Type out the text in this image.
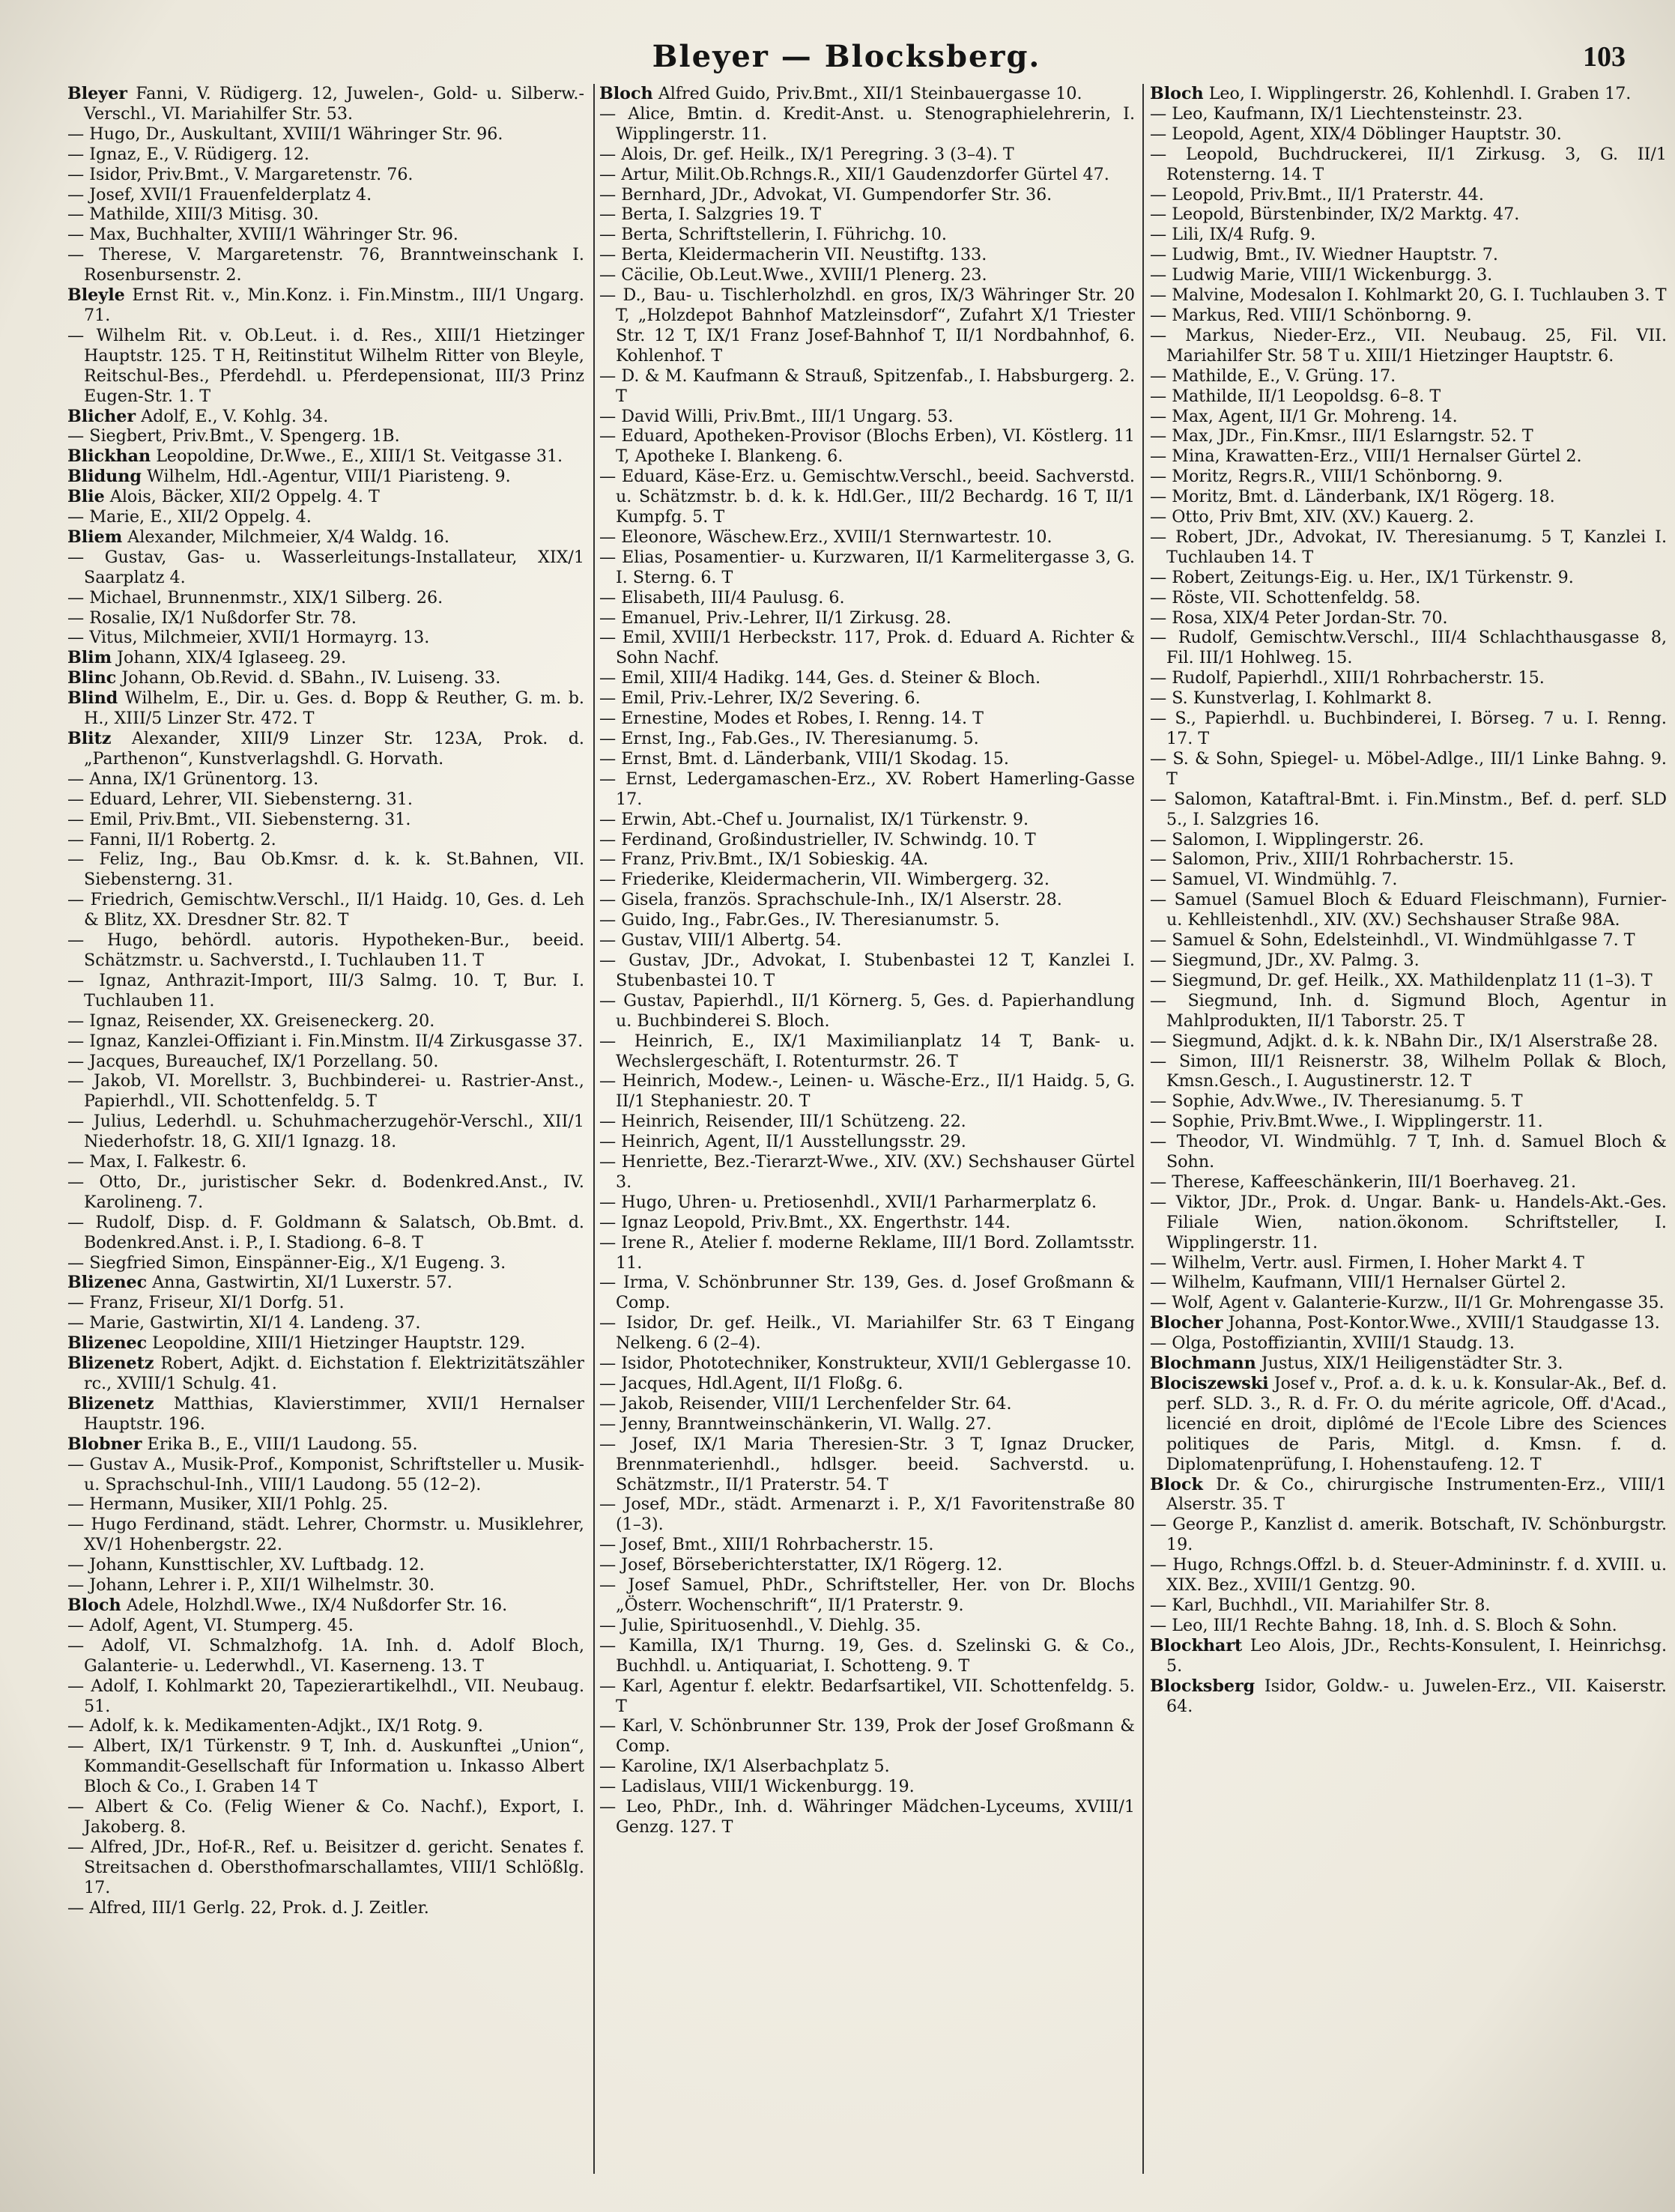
Bleyer — Blocksberg.	103

Bleyer Fanni, V. Rüdigerg. 12, Juwelen-, Gold- u. Silberw.-Verschl., VI. Mariahilfer Str. 53.

— Hugo, Dr., Auskultant, XVIII/1 Währinger Str. 96.

— Ignaz, E., V. Rüdigerg. 12.

— Isidor, Priv.Bmt., V. Margaretenstr. 76.

— Josef, XVII/1 Frauenfelderplatz 4.

— Mathilde, XIII/3 Mitisg. 30.

— Max, Buchhalter, XVIII/1 Währinger Str. 96.

— Therese, V. Margaretenstr. 76, Branntweinschank I. Rosenbursenstr. 2.

Bleyle Ernst Rit. v., Min.Konz. i. Fin.Minstm., III/1 Ungarg. 71.

— Wilhelm Rit. v. Ob.Leut. i. d. Res., XIII/1 Hietzinger Hauptstr. 125. T H, Reitinstitut Wilhelm Ritter von Bleyle, Reitschul-Bes., Pferdehdl. u. Pferdepensionat, III/3 Prinz Eugen-Str. 1. T

Blicher Adolf, E., V. Kohlg. 34.

— Siegbert, Priv.Bmt., V. Spengerg. 1B.

Blickhan Leopoldine, Dr.Wwe., E., XIII/1 St. Veitgasse 31.

Blidung Wilhelm, Hdl.-Agentur, VIII/1 Piaristeng. 9.

Blie Alois, Bäcker, XII/2 Oppelg. 4. T

— Marie, E., XII/2 Oppelg. 4.

Bliem Alexander, Milchmeier, X/4 Waldg. 16.

— Gustav, Gas- u. Wasserleitungs-Installateur, XIX/1 Saarplatz 4.

— Michael, Brunnenmstr., XIX/1 Silberg. 26.

— Rosalie, IX/1 Nußdorfer Str. 78.

— Vitus, Milchmeier, XVII/1 Hormayrg. 13.

Blim Johann, XIX/4 Iglaseeg. 29.

Blinc Johann, Ob.Revid. d. SBahn., IV. Luiseng. 33.

Blind Wilhelm, E., Dir. u. Ges. d. Bopp & Reuther, G. m. b. H., XIII/5 Linzer Str. 472. T

Blitz Alexander, XIII/9 Linzer Str. 123A, Prok. d. „Parthenon“, Kunstverlagshdl. G. Horvath.

— Anna, IX/1 Grünentorg. 13.

— Eduard, Lehrer, VII. Siebensterng. 31.

— Emil, Priv.Bmt., VII. Siebensterng. 31.

— Fanni, II/1 Robertg. 2.

— Feliz, Ing., Bau Ob.Kmsr. d. k. k. St.Bahnen, VII. Siebensterng. 31.

— Friedrich, Gemischtw.Verschl., II/1 Haidg. 10, Ges. d. Leh & Blitz, XX. Dresdner Str. 82. T

— Hugo, behördl. autoris. Hypotheken-Bur., beeid. Schätzmstr. u. Sachverstd., I. Tuchlauben 11. T

— Ignaz, Anthrazit-Import, III/3 Salmg. 10. T, Bur. I. Tuchlauben 11.

— Ignaz, Reisender, XX. Greiseneckerg. 20.

— Ignaz, Kanzlei-Offiziant i. Fin.Minstm. II/4 Zirkusgasse 37.

— Jacques, Bureauchef, IX/1 Porzellang. 50.

— Jakob, VI. Morellstr. 3, Buchbinderei- u. Rastrier-Anst., Papierhdl., VII. Schottenfeldg. 5. T

— Julius, Lederhdl. u. Schuhmacherzugehör-Verschl., XII/1 Niederhofstr. 18, G. XII/1 Ignazg. 18.

— Max, I. Falkestr. 6.

— Otto, Dr., juristischer Sekr. d. Bodenkred.Anst., IV. Karolineng. 7.

— Rudolf, Disp. d. F. Goldmann & Salatsch, Ob.Bmt. d. Bodenkred.Anst. i. P., I. Stadiong. 6–8. T

— Siegfried Simon, Einspänner-Eig., X/1 Eugeng. 3.

Blizenec Anna, Gastwirtin, XI/1 Luxerstr. 57.

— Franz, Friseur, XI/1 Dorfg. 51.

— Marie, Gastwirtin, XI/1 4. Landeng. 37.

Blizenec Leopoldine, XIII/1 Hietzinger Hauptstr. 129.

Blizenetz Robert, Adjkt. d. Eichstation f. Elektrizitätszähler rc., XVIII/1 Schulg. 41.

Blizenetz Matthias, Klavierstimmer, XVII/1 Hernalser Hauptstr. 196.

Blobner Erika B., E., VIII/1 Laudong. 55.

— Gustav A., Musik-Prof., Komponist, Schriftsteller u. Musik- u. Sprachschul-Inh., VIII/1 Laudong. 55 (12–2).

— Hermann, Musiker, XII/1 Pohlg. 25.

— Hugo Ferdinand, städt. Lehrer, Chormstr. u. Musiklehrer, XV/1 Hohenbergstr. 22.

— Johann, Kunsttischler, XV. Luftbadg. 12.

— Johann, Lehrer i. P., XII/1 Wilhelmstr. 30.

Bloch Adele, Holzhdl.Wwe., IX/4 Nußdorfer Str. 16.

— Adolf, Agent, VI. Stumperg. 45.

— Adolf, VI. Schmalzhofg. 1A. Inh. d. Adolf Bloch, Galanterie- u. Lederwhdl., VI. Kaserneng. 13. T

— Adolf, I. Kohlmarkt 20, Tapezierartikelhdl., VII. Neubaug. 51.

— Adolf, k. k. Medikamenten-Adjkt., IX/1 Rotg. 9.

— Albert, IX/1 Türkenstr. 9 T, Inh. d. Auskunftei „Union“, Kommandit-Gesellschaft für Information u. Inkasso Albert Bloch & Co., I. Graben 14 T

— Albert & Co. (Felig Wiener & Co. Nachf.), Export, I. Jakoberg. 8.

— Alfred, JDr., Hof-R., Ref. u. Beisitzer d. gericht. Senates f. Streitsachen d. Obersthofmarschallamtes, VIII/1 Schlößlg. 17.

— Alfred, III/1 Gerlg. 22, Prok. d. J. Zeitler.

Bloch Alfred Guido, Priv.Bmt., XII/1 Steinbauergasse 10.

— Alice, Bmtin. d. Kredit-Anst. u. Stenographielehrerin, I. Wipplingerstr. 11.

— Alois, Dr. gef. Heilk., IX/1 Peregring. 3 (3–4). T

— Artur, Milit.Ob.Rchngs.R., XII/1 Gaudenzdorfer Gürtel 47.

— Bernhard, JDr., Advokat, VI. Gumpendorfer Str. 36.

— Berta, I. Salzgries 19. T

— Berta, Schriftstellerin, I. Führichg. 10.

— Berta, Kleidermacherin VII. Neustiftg. 133.

— Cäcilie, Ob.Leut.Wwe., XVIII/1 Plenerg. 23.

— D., Bau- u. Tischlerholzhdl. en gros, IX/3 Währinger Str. 20 T, „Holzdepot Bahnhof Matzleinsdorf“, Zufahrt X/1 Triester Str. 12 T, IX/1 Franz Josef-Bahnhof T, II/1 Nordbahnhof, 6. Kohlenhof. T

— D. & M. Kaufmann & Strauß, Spitzenfab., I. Habsburgerg. 2. T

— David Willi, Priv.Bmt., III/1 Ungarg. 53.

— Eduard, Apotheken-Provisor (Blochs Erben), VI. Köstlerg. 11 T, Apotheke I. Blankeng. 6.

— Eduard, Käse-Erz. u. Gemischtw.Verschl., beeid. Sachverstd. u. Schätzmstr. b. d. k. k. Hdl.Ger., III/2 Bechardg. 16 T, II/1 Kumpfg. 5. T

— Eleonore, Wäschew.Erz., XVIII/1 Sternwartestr. 10.

— Elias, Posamentier- u. Kurzwaren, II/1 Karmelitergasse 3, G. I. Sterng. 6. T

— Elisabeth, III/4 Paulusg. 6.

— Emanuel, Priv.-Lehrer, II/1 Zirkusg. 28.

— Emil, XVIII/1 Herbeckstr. 117, Prok. d. Eduard A. Richter & Sohn Nachf.

— Emil, XIII/4 Hadikg. 144, Ges. d. Steiner & Bloch.

— Emil, Priv.-Lehrer, IX/2 Severing. 6.

— Ernestine, Modes et Robes, I. Renng. 14. T

— Ernst, Ing., Fab.Ges., IV. Theresianumg. 5.

— Ernst, Bmt. d. Länderbank, VIII/1 Skodag. 15.

— Ernst, Ledergamaschen-Erz., XV. Robert Hamerling-Gasse 17.

— Erwin, Abt.-Chef u. Journalist, IX/1 Türkenstr. 9.

— Ferdinand, Großindustrieller, IV. Schwindg. 10. T

— Franz, Priv.Bmt., IX/1 Sobieskig. 4A.

— Friederike, Kleidermacherin, VII. Wimbergerg. 32.

— Gisela, französ. Sprachschule-Inh., IX/1 Alserstr. 28.

— Guido, Ing., Fabr.Ges., IV. Theresianumstr. 5.

— Gustav, VIII/1 Albertg. 54.

— Gustav, JDr., Advokat, I. Stubenbastei 12 T, Kanzlei I. Stubenbastei 10. T

— Gustav, Papierhdl., II/1 Körnerg. 5, Ges. d. Papierhandlung u. Buchbinderei S. Bloch.

— Heinrich, E., IX/1 Maximilianplatz 14 T, Bank- u. Wechslergeschäft, I. Rotenturmstr. 26. T

— Heinrich, Modew.-, Leinen- u. Wäsche-Erz., II/1 Haidg. 5, G. II/1 Stephaniestr. 20. T

— Heinrich, Reisender, III/1 Schützeng. 22.

— Heinrich, Agent, II/1 Ausstellungsstr. 29.

— Henriette, Bez.-Tierarzt-Wwe., XIV. (XV.) Sechshauser Gürtel 3.

— Hugo, Uhren- u. Pretiosenhdl., XVII/1 Parharmerplatz 6.

— Ignaz Leopold, Priv.Bmt., XX. Engerthstr. 144.

— Irene R., Atelier f. moderne Reklame, III/1 Bord. Zollamtsstr. 11.

— Irma, V. Schönbrunner Str. 139, Ges. d. Josef Großmann & Comp.

— Isidor, Dr. gef. Heilk., VI. Mariahilfer Str. 63 T Eingang Nelkeng. 6 (2–4).

— Isidor, Phototechniker, Konstrukteur, XVII/1 Geblergasse 10.

— Jacques, Hdl.Agent, II/1 Floßg. 6.

— Jakob, Reisender, VIII/1 Lerchenfelder Str. 64.

— Jenny, Branntweinschänkerin, VI. Wallg. 27.

— Josef, IX/1 Maria Theresien-Str. 3 T, Ignaz Drucker, Brennmaterienhdl., hdlsger. beeid. Sachverstd. u. Schätzmstr., II/1 Praterstr. 54. T

— Josef, MDr., städt. Armenarzt i. P., X/1 Favoritenstraße 80 (1–3).

— Josef, Bmt., XIII/1 Rohrbacherstr. 15.

— Josef, Börseberichterstatter, IX/1 Rögerg. 12.

— Josef Samuel, PhDr., Schriftsteller, Her. von Dr. Blochs „Österr. Wochenschrift“, II/1 Praterstr. 9.

— Julie, Spirituosenhdl., V. Diehlg. 35.

— Kamilla, IX/1 Thurng. 19, Ges. d. Szelinski G. & Co., Buchhdl. u. Antiquariat, I. Schotteng. 9. T

— Karl, Agentur f. elektr. Bedarfsartikel, VII. Schottenfeldg. 5. T

— Karl, V. Schönbrunner Str. 139, Prok der Josef Großmann & Comp.

— Karoline, IX/1 Alserbachplatz 5.

— Ladislaus, VIII/1 Wickenburgg. 19.

— Leo, PhDr., Inh. d. Währinger Mädchen-Lyceums, XVIII/1 Genzg. 127. T

Bloch Leo, I. Wipplingerstr. 26, Kohlenhdl. I. Graben 17.

— Leo, Kaufmann, IX/1 Liechtensteinstr. 23.

— Leopold, Agent, XIX/4 Döblinger Hauptstr. 30.

— Leopold, Buchdruckerei, II/1 Zirkusg. 3, G. II/1 Rotensterng. 14. T

— Leopold, Priv.Bmt., II/1 Praterstr. 44.

— Leopold, Bürstenbinder, IX/2 Marktg. 47.

— Lili, IX/4 Rufg. 9.

— Ludwig, Bmt., IV. Wiedner Hauptstr. 7.

— Ludwig Marie, VIII/1 Wickenburgg. 3.

— Malvine, Modesalon I. Kohlmarkt 20, G. I. Tuchlauben 3. T

— Markus, Red. VIII/1 Schönborng. 9.

— Markus, Nieder-Erz., VII. Neubaug. 25, Fil. VII. Mariahilfer Str. 58 T u. XIII/1 Hietzinger Hauptstr. 6.

— Mathilde, E., V. Grüng. 17.

— Mathilde, II/1 Leopoldsg. 6–8. T

— Max, Agent, II/1 Gr. Mohreng. 14.

— Max, JDr., Fin.Kmsr., III/1 Eslarngstr. 52. T

— Mina, Krawatten-Erz., VIII/1 Hernalser Gürtel 2.

— Moritz, Regrs.R., VIII/1 Schönborng. 9.

— Moritz, Bmt. d. Länderbank, IX/1 Rögerg. 18.

— Otto, Priv Bmt, XIV. (XV.) Kauerg. 2.

— Robert, JDr., Advokat, IV. Theresianumg. 5 T, Kanzlei I. Tuchlauben 14. T

— Robert, Zeitungs-Eig. u. Her., IX/1 Türkenstr. 9.

— Röste, VII. Schottenfeldg. 58.

— Rosa, XIX/4 Peter Jordan-Str. 70.

— Rudolf, Gemischtw.Verschl., III/4 Schlachthausgasse 8, Fil. III/1 Hohlweg. 15.

— Rudolf, Papierhdl., XIII/1 Rohrbacherstr. 15.

— S. Kunstverlag, I. Kohlmarkt 8.

— S., Papierhdl. u. Buchbinderei, I. Börseg. 7 u. I. Renng. 17. T

— S. & Sohn, Spiegel- u. Möbel-Adlge., III/1 Linke Bahng. 9. T

— Salomon, Kataftral-Bmt. i. Fin.Minstm., Bef. d. perf. SLD 5., I. Salzgries 16.

— Salomon, I. Wipplingerstr. 26.

— Salomon, Priv., XIII/1 Rohrbacherstr. 15.

— Samuel, VI. Windmühlg. 7.

— Samuel (Samuel Bloch & Eduard Fleischmann), Furnier- u. Kehlleistenhdl., XIV. (XV.) Sechshauser Straße 98A.

— Samuel & Sohn, Edelsteinhdl., VI. Windmühlgasse 7. T

— Siegmund, JDr., XV. Palmg. 3.

— Siegmund, Dr. gef. Heilk., XX. Mathildenplatz 11 (1–3). T

— Siegmund, Inh. d. Sigmund Bloch, Agentur in Mahlprodukten, II/1 Taborstr. 25. T

— Siegmund, Adjkt. d. k. k. NBahn Dir., IX/1 Alserstraße 28.

— Simon, III/1 Reisnerstr. 38, Wilhelm Pollak & Bloch, Kmsn.Gesch., I. Augustinerstr. 12. T

— Sophie, Adv.Wwe., IV. Theresianumg. 5. T

— Sophie, Priv.Bmt.Wwe., I. Wipplingerstr. 11.

— Theodor, VI. Windmühlg. 7 T, Inh. d. Samuel Bloch & Sohn.

— Therese, Kaffeeschänkerin, III/1 Boerhaveg. 21.

— Viktor, JDr., Prok. d. Ungar. Bank- u. Handels-Akt.-Ges. Filiale Wien, nation.ökonom. Schriftsteller, I. Wipplingerstr. 11.

— Wilhelm, Vertr. ausl. Firmen, I. Hoher Markt 4. T

— Wilhelm, Kaufmann, VIII/1 Hernalser Gürtel 2.

— Wolf, Agent v. Galanterie-Kurzw., II/1 Gr. Mohrengasse 35.

Blocher Johanna, Post-Kontor.Wwe., XVIII/1 Staudgasse 13.

— Olga, Postoffiziantin, XVIII/1 Staudg. 13.

Blochmann Justus, XIX/1 Heiligenstädter Str. 3.

Blociszewski Josef v., Prof. a. d. k. u. k. Konsular-Ak., Bef. d. perf. SLD. 3., R. d. Fr. O. du mérite agricole, Off. d'Acad., licencié en droit, diplômé de l'Ecole Libre des Sciences politiques de Paris, Mitgl. d. Kmsn. f. d. Diplomatenprüfung, I. Hohenstaufeng. 12. T

Block Dr. & Co., chirurgische Instrumenten-Erz., VIII/1 Alserstr. 35. T

— George P., Kanzlist d. amerik. Botschaft, IV. Schönburgstr. 19.

— Hugo, Rchngs.Offzl. b. d. Steuer-Admininstr. f. d. XVIII. u. XIX. Bez., XVIII/1 Gentzg. 90.

— Karl, Buchhdl., VII. Mariahilfer Str. 8.

— Leo, III/1 Rechte Bahng. 18, Inh. d. S. Bloch & Sohn.

Blockhart Leo Alois, JDr., Rechts-Konsulent, I. Heinrichsg. 5.

Blocksberg Isidor, Goldw.- u. Juwelen-Erz., VII. Kaiserstr. 64.
